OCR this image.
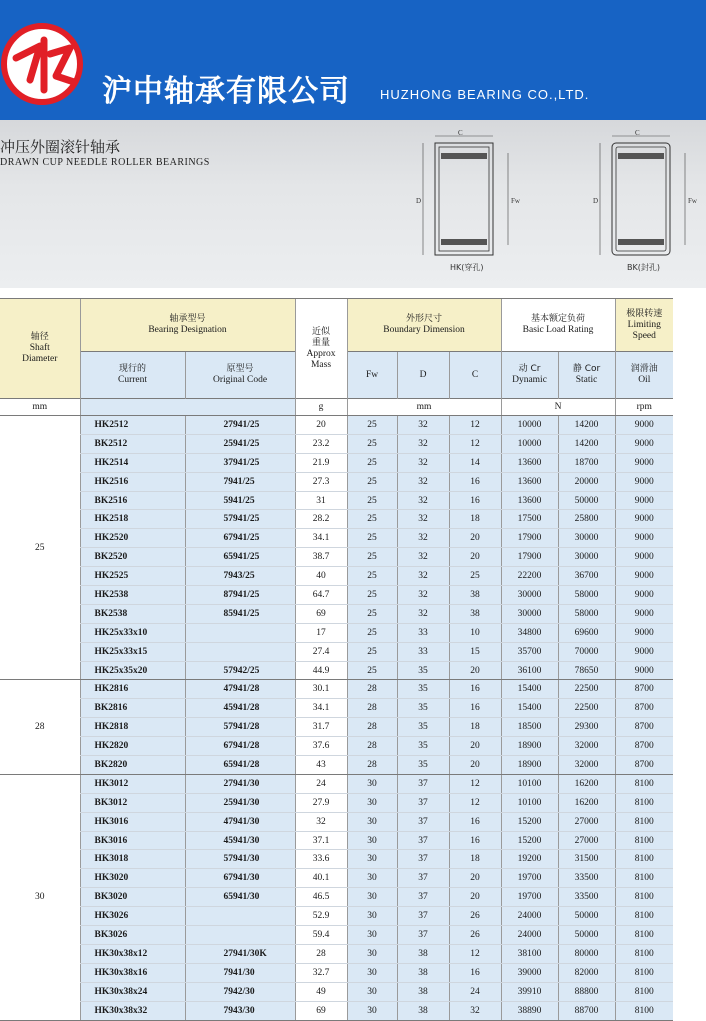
沪中轴承有限公司 HUZHONG BEARING CO.,LTD.
冲压外圈滚针轴承
DRAWN CUP NEEDLE ROLLER BEARINGS
C
D	Fw
HK(穿孔)
C
D	Fw
BK(封孔)
轴径
Shaft
Diameter	轴承型号
Bearing Designation		近似
重量
Approx
Mass	外形尺寸
Boundary Dimension			基本额定负荷
Basic Load Rating		极限转速
Limiting
Speed
	现行的
Current	原型号
Original Code		Fw	D	C	动 Cr
Dynamic	静 Cor
Static	润滑油
Oil
mm			g	mm			N		rpm
25	HK2512	27941/25	20	25	32	12	10000	14200	9000
	BK2512	25941/25	23.2	25	32	12	10000	14200	9000
	HK2514	37941/25	21.9	25	32	14	13600	18700	9000
	HK2516	7941/25	27.3	25	32	16	13600	20000	9000
	BK2516	5941/25	31	25	32	16	13600	50000	9000
	HK2518	57941/25	28.2	25	32	18	17500	25800	9000
	HK2520	67941/25	34.1	25	32	20	17900	30000	9000
	BK2520	65941/25	38.7	25	32	20	17900	30000	9000
	HK2525	7943/25	40	25	32	25	22200	36700	9000
	HK2538	87941/25	64.7	25	32	38	30000	58000	9000
	BK2538	85941/25	69	25	32	38	30000	58000	9000
	HK25x33x10		17	25	33	10	34800	69600	9000
	HK25x33x15		27.4	25	33	15	35700	70000	9000
	HK25x35x20	57942/25	44.9	25	35	20	36100	78650	9000
28	HK2816	47941/28	30.1	28	35	16	15400	22500	8700
	BK2816	45941/28	34.1	28	35	16	15400	22500	8700
	HK2818	57941/28	31.7	28	35	18	18500	29300	8700
	HK2820	67941/28	37.6	28	35	20	18900	32000	8700
	BK2820	65941/28	43	28	35	20	18900	32000	8700
30	HK3012	27941/30	24	30	37	12	10100	16200	8100
	BK3012	25941/30	27.9	30	37	12	10100	16200	8100
	HK3016	47941/30	32	30	37	16	15200	27000	8100
	BK3016	45941/30	37.1	30	37	16	15200	27000	8100
	HK3018	57941/30	33.6	30	37	18	19200	31500	8100
	HK3020	67941/30	40.1	30	37	20	19700	33500	8100
	BK3020	65941/30	46.5	30	37	20	19700	33500	8100
	HK3026		52.9	30	37	26	24000	50000	8100
	BK3026		59.4	30	37	26	24000	50000	8100
	HK30x38x12	27941/30K	28	30	38	12	38100	80000	8100
	HK30x38x16	7941/30	32.7	30	38	16	39000	82000	8100
	HK30x38x24	7942/30	49	30	38	24	39910	88800	8100
	HK30x38x32	7943/30	69	30	38	32	38890	88700	8100
